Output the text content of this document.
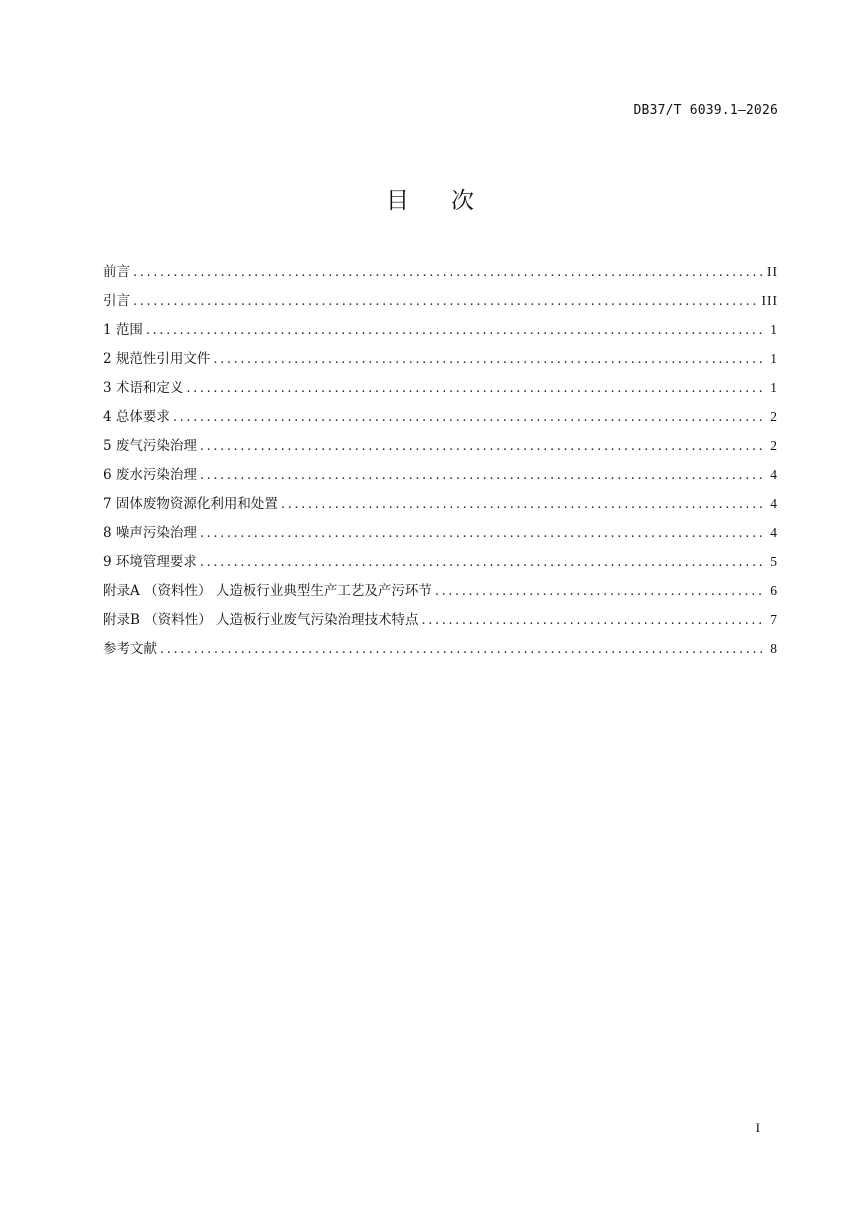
DB37/T 6039.1—2026
目次
前言 .....	II
引言 .....	III
1 范围 .....	1
2 规范性引用文件 .....	1
3 术语和定义 .....	1
4 总体要求 .....	2
5 废气污染治理 .....	2
6 废水污染治理 .....	4
7 固体废物资源化利用和处置 .....	4
8 噪声污染治理 .....	4
9 环境管理要求 .....	5
附录A （资料性） 人造板行业典型生产工艺及产污环节 .....	6
附录B （资料性） 人造板行业废气污染治理技术特点 .....	7
参考文献 .....	8
I
